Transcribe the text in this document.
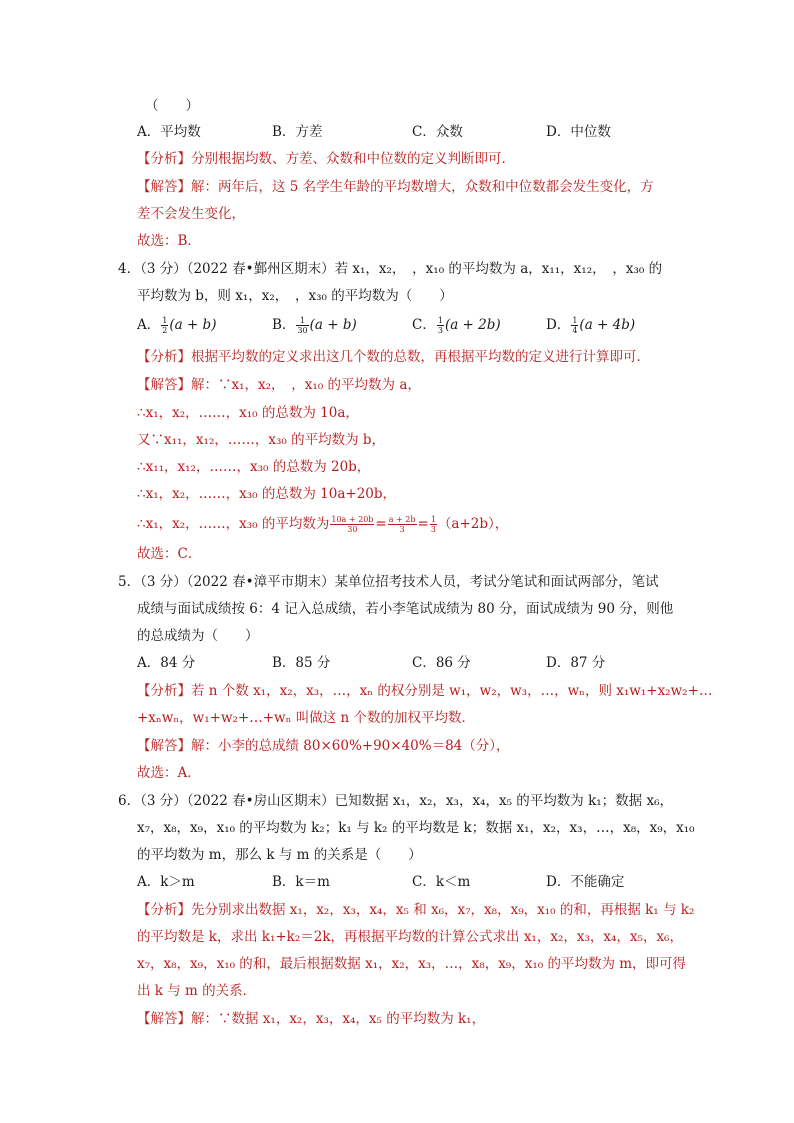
（　　）
A．平均数	B．方差	C．众数	D．中位数
【分析】分别根据均数、方差、众数和中位数的定义判断即可．
【解答】解：两年后，这 5 名学生年龄的平均数增大，众数和中位数都会发生变化，方
差不会发生变化，
故选：B．
4．（3 分）（2022 春•鄞州区期末）若 x₁，x₂，　，x₁₀ 的平均数为 a，x₁₁，x₁₂，　，x₃₀ 的
平均数为 b，则 x₁，x₂，　，x₃₀ 的平均数为（　　）
A． $\frac{1}{2} (a + b)$	B． $\frac{1}{30} (a + b)$	C． $\frac{1}{3} (a + 2b)$	D． $\frac{1}{4} (a + 4b)$
【分析】根据平均数的定义求出这几个数的总数，再根据平均数的定义进行计算即可．
【解答】解：∵x₁，x₂，　，x₁₀ 的平均数为 a，
∴x₁，x₂，……，x₁₀ 的总数为 10a，
又∵x₁₁，x₁₂，……，x₃₀ 的平均数为 b，
∴x₁₁，x₁₂，……，x₃₀ 的总数为 20b，
∴x₁，x₂，……，x₃₀ 的总数为 10a+20b，
∴x₁，x₂，……，x₃₀ 的平均数为 $\frac{10a + 20b}{30} = \frac{a + 2b}{3} = \frac{1}{3} (a+2b)$，
故选：C．
5．（3 分）（2022 春•漳平市期末）某单位招考技术人员，考试分笔试和面试两部分，笔试
成绩与面试成绩按 6：4 记入总成绩，若小李笔试成绩为 80 分，面试成绩为 90 分，则他
的总成绩为（　　）
A．84 分	B．85 分	C．86 分	D．87 分
【分析】若 n 个数 x₁，x₂，x₃，…，xₙ 的权分别是 w₁，w₂，w₃，…，wₙ，则 x₁w₁+x₂w₂+…
+xₙwₙ，w₁+w₂+…+wₙ 叫做这 n 个数的加权平均数．
【解答】解：小李的总成绩 80×60%+90×40%＝84（分），
故选：A．
6．（3 分）（2022 春•房山区期末）已知数据 x₁，x₂，x₃，x₄，x₅ 的平均数为 k₁；数据 x₆，
x₇，x₈，x₉，x₁₀ 的平均数为 k₂；k₁ 与 k₂ 的平均数是 k；数据 x₁，x₂，x₃，…，x₈，x₉，x₁₀
的平均数为 m，那么 k 与 m 的关系是（　　）
A．k＞m	B．k＝m	C．k＜m	D．不能确定
【分析】先分别求出数据 x₁，x₂，x₃，x₄，x₅ 和 x₆，x₇，x₈，x₉，x₁₀ 的和，再根据 k₁ 与 k₂
的平均数是 k，求出 k₁+k₂＝2k，再根据平均数的计算公式求出 x₁，x₂，x₃，x₄，x₅，x₆，
x₇，x₈，x₉，x₁₀ 的和，最后根据数据 x₁，x₂，x₃，…，x₈，x₉，x₁₀ 的平均数为 m，即可得
出 k 与 m 的关系．
【解答】解：∵数据 x₁，x₂，x₃，x₄，x₅ 的平均数为 k₁，
